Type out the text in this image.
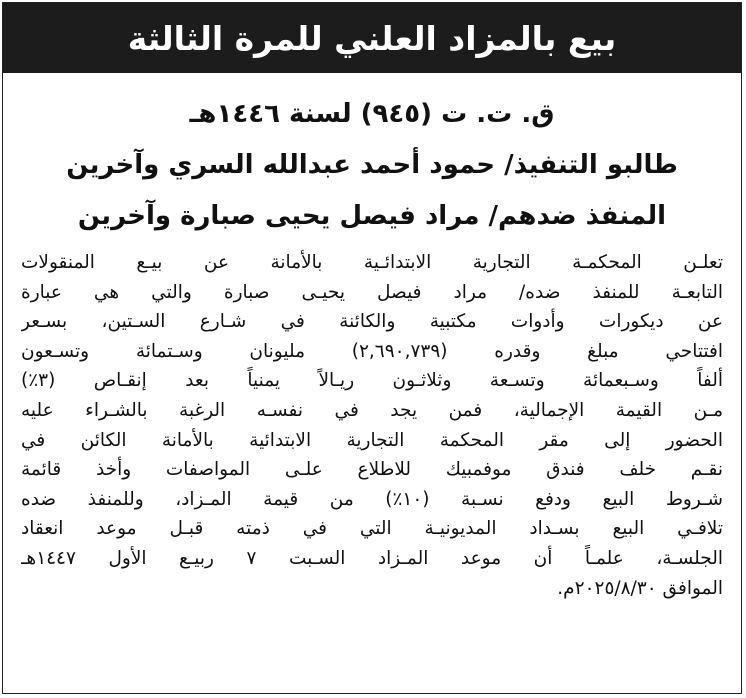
بيع بالمزاد العلني للمرة الثالثة

ق. ت. ت (٩٤٥) لسنة ١٤٤٦هـ

طالبو التنفيذ/ حمود أحمد عبدالله السري وآخرين

المنفذ ضدهم/ مراد فيصل يحيى صبارة وآخرين

تعلـن المحكمـة التجارية الابتدائـية بالأمانة عن بيـع المنقولات
التابعـة للمنفذ ضده/ مراد فيصل يحيـى صبارة والتي هي عبارة
عن ديكورات وأدوات مكتبية والكائنة في شـارع السـتين، بسـعر
افتتاحي مبلغ وقدره (٢,٦٩٠,٧٣٩) مليونان وسـتمائة وتسـعون
ألفاً وسـبعمائة وتسـعة وثلاثـون ريـالاً يمنياً بعد إنقـاص (٣٪)
مـن القيمة الإجمالية، فمن يجد في نفسـه الرغبة بالشـراء عليه
الحضور إلى مقر المحكمة التجارية الابتدائية بالأمانة الكائن في
نقـم خلف فندق موفمبيك للاطلاع علـى المواصفات وأخذ قائمة
شـروط البيع ودفع نسـبة (١٠٪) من قيمة المـزاد، وللمنفذ ضده
تلافـي البيع بسـداد المديونيـة التي في ذمته قبـل موعد انعقاد
الجلسـة، علمـاً أن موعد المـزاد السـبت ٧ ربيـع الأول ١٤٤٧هـ
الموافق ٢٠٢٥/٨/٣٠م.
